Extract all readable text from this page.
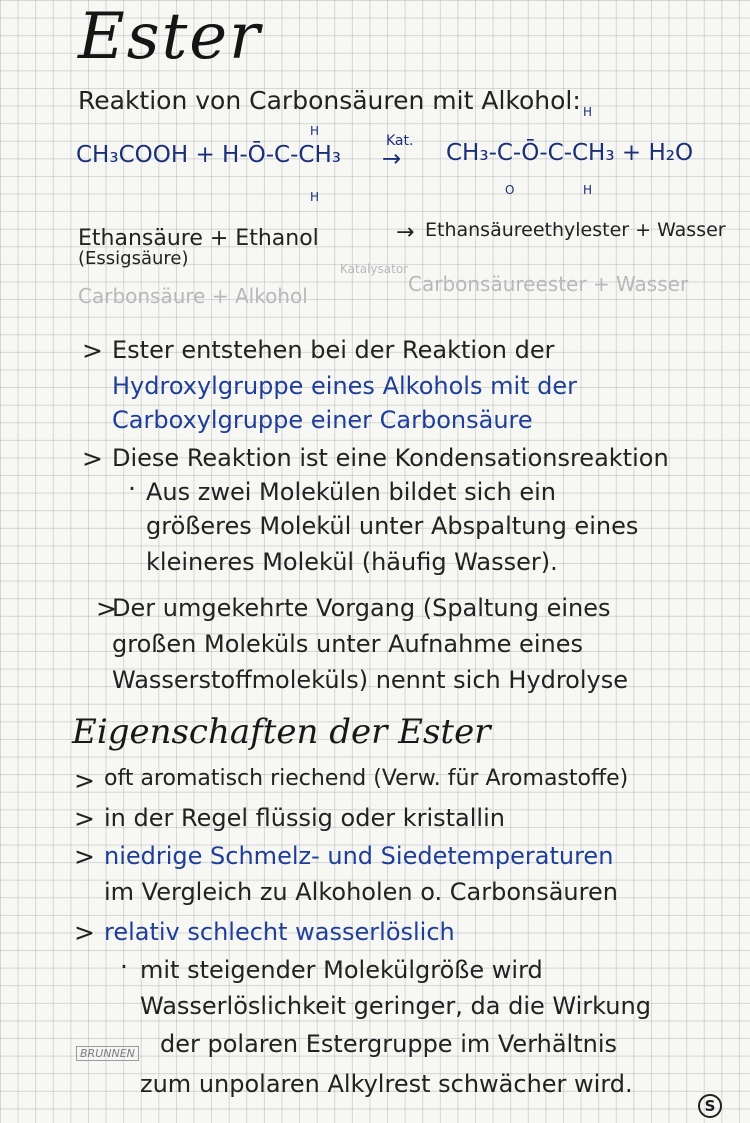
Ester
Reaktion von Carbonsäuren mit Alkohol:
H
CH₃COOH + H-Ō-C-CH₃
H
Kat.
→
H
CH₃-C-Ō-C-CH₃ + H₂O
O	H
Ethansäure + Ethanol
(Essigsäure)
→ Ethansäureethylester + Wasser
Carbonsäure + Alkohol
Katalysator
Carbonsäureester + Wasser
> Ester entstehen bei der Reaktion der
Hydroxylgruppe eines Alkohols mit der
Carboxylgruppe einer Carbonsäure
> Diese Reaktion ist eine Kondensationsreaktion
· Aus zwei Molekülen bildet sich ein
größeres Molekül unter Abspaltung eines
kleineres Molekül (häufig Wasser).
>
Der umgekehrte Vorgang (Spaltung eines
großen Moleküls unter Aufnahme eines
Wasserstoffmoleküls) nennt sich Hydrolyse
Eigenschaften der Ester
> oft aromatisch riechend (Verw. für Aromastoffe)
> in der Regel flüssig oder kristallin
> niedrige Schmelz- und Siedetemperaturen
im Vergleich zu Alkoholen o. Carbonsäuren
> relativ schlecht wasserlöslich
· mit steigender Molekülgröße wird
Wasserlöslichkeit geringer, da die Wirkung
der polaren Estergruppe im Verhältnis
zum unpolaren Alkylrest schwächer wird.
BRUNNEN
S
